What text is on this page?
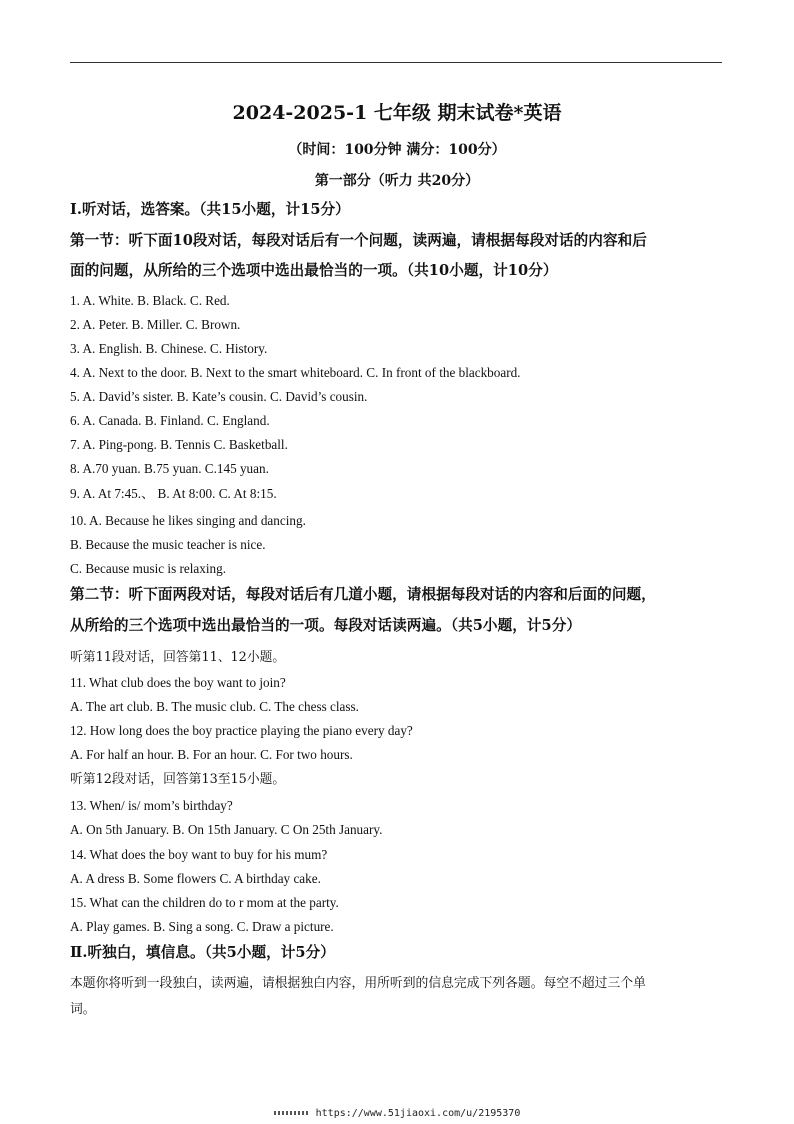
2024-2025-1 七年级 期末试卷*英语
（时间：100分钟 满分：100分）
第一部分（听力 共20分）
Ⅰ.听对话，选答案。（共15小题，计15分）
第一节：听下面10段对话，每段对话后有一个问题，读两遍，请根据每段对话的内容和后
面的问题，从所给的三个选项中选出最恰当的一项。（共10小题，计10分）
1. A. White. B. Black. C. Red.
2. A. Peter. B. Miller. C. Brown.
3. A. English. B. Chinese. C. History.
4. A. Next to the door. B. Next to the smart whiteboard. C. In front of the blackboard.
5. A. David’s sister. B. Kate’s cousin. C. David’s cousin.
6. A. Canada. B. Finland. C. England.
7. A. Ping-pong. B. Tennis C. Basketball.
8. A.70 yuan. B.75 yuan. C.145 yuan.
9. A. At 7:45.、 B. At 8:00. C. At 8:15.
10. A. Because he likes singing and dancing.
B. Because the music teacher is nice.
C. Because music is relaxing.
第二节：听下面两段对话，每段对话后有几道小题，请根据每段对话的内容和后面的问题，
从所给的三个选项中选出最恰当的一项。每段对话读两遍。（共5小题，计5分）
听第11段对话，回答第11、12小题。
11. What club does the boy want to join?
A. The art club. B. The music club. C. The chess class.
12. How long does the boy practice playing the piano every day?
A. For half an hour. B. For an hour. C. For two hours.
听第12段对话，回答第13至15小题。
13. When/ is/ mom’s birthday?
A. On 5th January. B. On 15th January. C On 25th January.
14. What does the boy want to buy for his mum?
A. A dress B. Some flowers C. A birthday cake.
15. What can the children do to r mom at the party.
A. Play games. B. Sing a song. C. Draw a picture.
Ⅱ.听独白，填信息。（共5小题，计5分）
本题你将听到一段独白，读两遍，请根据独白内容，用所听到的信息完成下列各题。每空不超过三个单
词。
https://www.51jiaoxi.com/u/2195370
